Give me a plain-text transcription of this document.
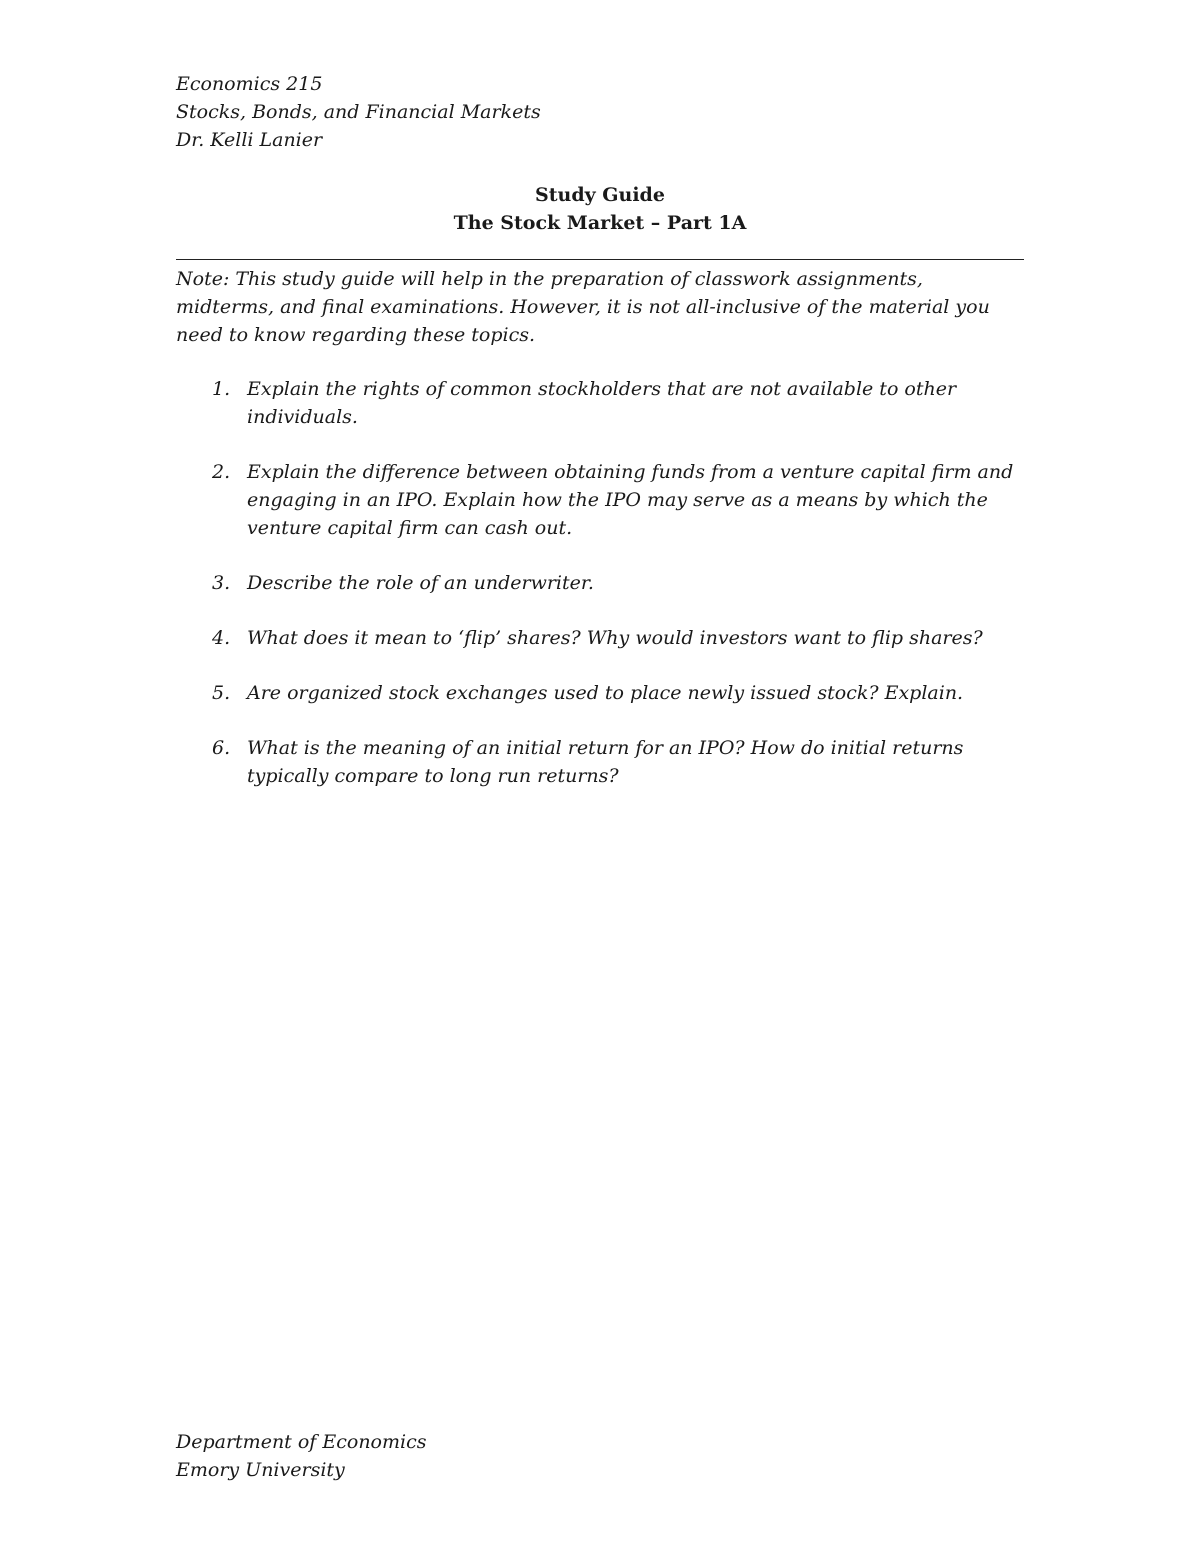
Economics 215
Stocks, Bonds, and Financial Markets
Dr. Kelli Lanier
Study Guide
The Stock Market – Part 1A
Note: This study guide will help in the preparation of classwork assignments, midterms, and final examinations. However, it is not all-inclusive of the material you need to know regarding these topics.
1. Explain the rights of common stockholders that are not available to other individuals.
2. Explain the difference between obtaining funds from a venture capital firm and engaging in an IPO. Explain how the IPO may serve as a means by which the venture capital firm can cash out.
3. Describe the role of an underwriter.
4. What does it mean to ‘flip’ shares? Why would investors want to flip shares?
5. Are organized stock exchanges used to place newly issued stock? Explain.
6. What is the meaning of an initial return for an IPO? How do initial returns typically compare to long run returns?
Department of Economics
Emory University
